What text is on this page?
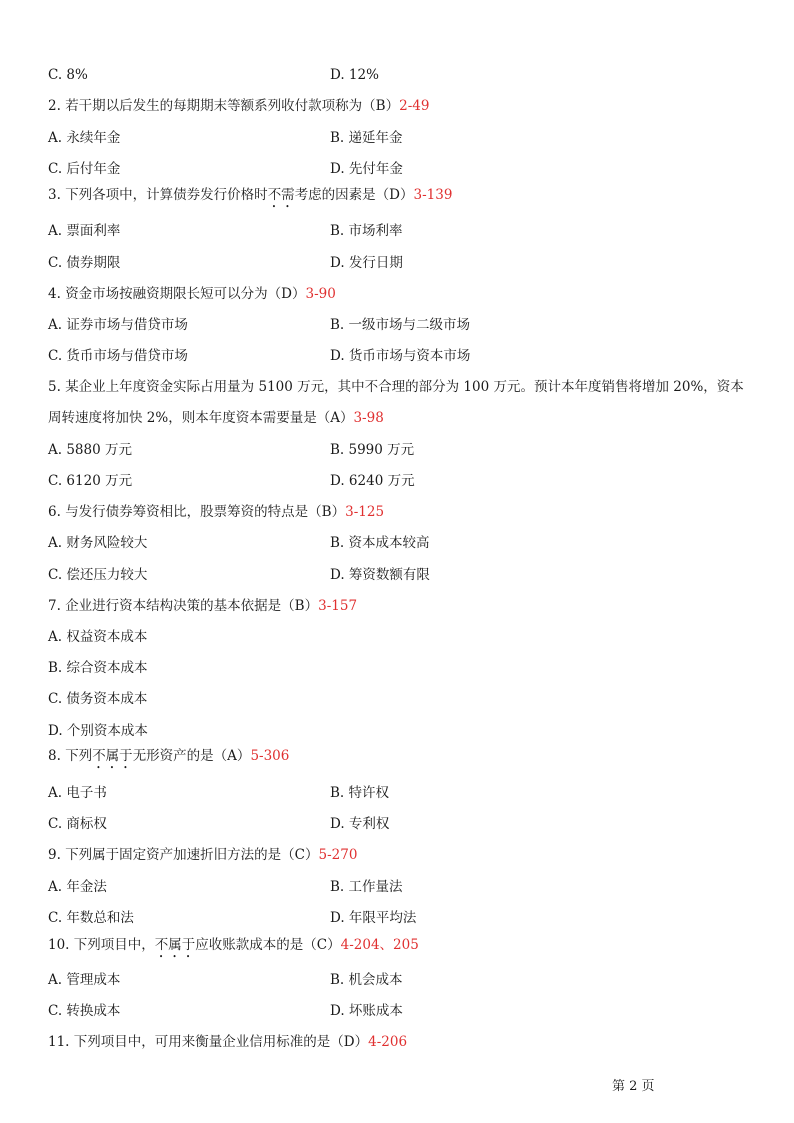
C. 8%	D. 12%
2. 若干期以后发生的每期期末等额系列收付款项称为（B）2-49
A. 永续年金	B. 递延年金
C. 后付年金	D. 先付年金
3. 下列各项中，计算债券发行价格时不需考虑的因素是（D）3-139
A. 票面利率	B. 市场利率
C. 债券期限	D. 发行日期
4. 资金市场按融资期限长短可以分为（D）3-90
A. 证券市场与借贷市场	B. 一级市场与二级市场
C. 货币市场与借贷市场	D. 货币市场与资本市场
5. 某企业上年度资金实际占用量为 5100 万元，其中不合理的部分为 100 万元。预计本年度销售将增加 20%，资本
周转速度将加快 2%，则本年度资本需要量是（A）3-98
A. 5880 万元	B. 5990 万元
C. 6120 万元	D. 6240 万元
6. 与发行债券筹资相比，股票筹资的特点是（B）3-125
A. 财务风险较大	B. 资本成本较高
C. 偿还压力较大	D. 筹资数额有限
7. 企业进行资本结构决策的基本依据是（B）3-157
A. 权益资本成本
B. 综合资本成本
C. 债务资本成本
D. 个别资本成本
8. 下列不属于无形资产的是（A）5-306
A. 电子书	B. 特许权
C. 商标权	D. 专利权
9. 下列属于固定资产加速折旧方法的是（C）5-270
A. 年金法	B. 工作量法
C. 年数总和法	D. 年限平均法
10. 下列项目中，不属于应收账款成本的是（C）4-204、205
A. 管理成本	B. 机会成本
C. 转换成本	D. 坏账成本
11. 下列项目中，可用来衡量企业信用标准的是（D）4-206
第 2 页
